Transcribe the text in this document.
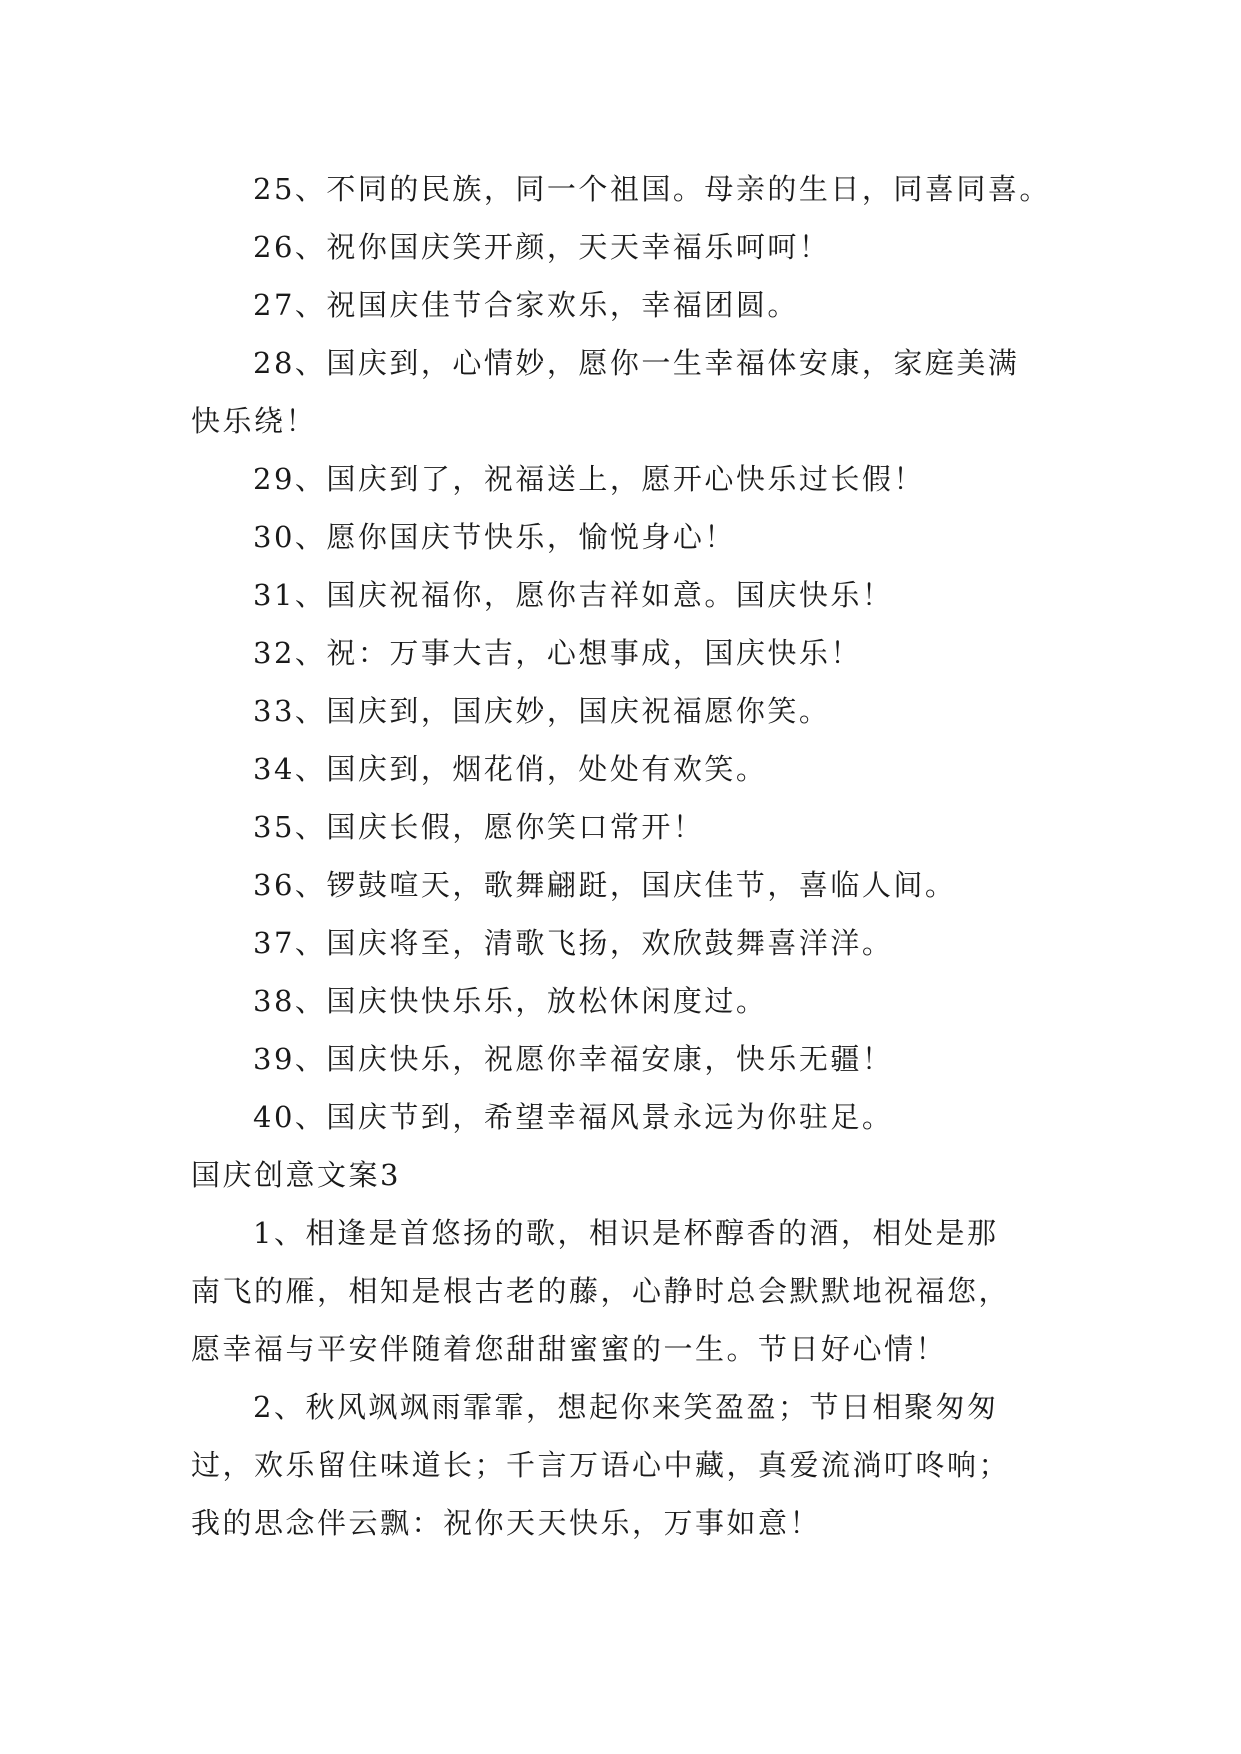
25、不同的民族，同一个祖国。母亲的生日，同喜同喜。
26、祝你国庆笑开颜，天天幸福乐呵呵！
27、祝国庆佳节合家欢乐，幸福团圆。
28、国庆到，心情妙，愿你一生幸福体安康，家庭美满
快乐绕！
29、国庆到了，祝福送上，愿开心快乐过长假！
30、愿你国庆节快乐，愉悦身心！
31、国庆祝福你，愿你吉祥如意。国庆快乐！
32、祝：万事大吉，心想事成，国庆快乐！
33、国庆到，国庆妙，国庆祝福愿你笑。
34、国庆到，烟花俏，处处有欢笑。
35、国庆长假，愿你笑口常开！
36、锣鼓喧天，歌舞翩跹，国庆佳节，喜临人间。
37、国庆将至，清歌飞扬，欢欣鼓舞喜洋洋。
38、国庆快快乐乐，放松休闲度过。
39、国庆快乐，祝愿你幸福安康，快乐无疆！
40、国庆节到，希望幸福风景永远为你驻足。
国庆创意文案3
1、相逢是首悠扬的歌，相识是杯醇香的酒，相处是那
南飞的雁，相知是根古老的藤，心静时总会默默地祝福您，
愿幸福与平安伴随着您甜甜蜜蜜的一生。节日好心情！
2、秋风飒飒雨霏霏，想起你来笑盈盈；节日相聚匆匆
过，欢乐留住味道长；千言万语心中藏，真爱流淌叮咚响；
我的思念伴云飘：祝你天天快乐，万事如意！
